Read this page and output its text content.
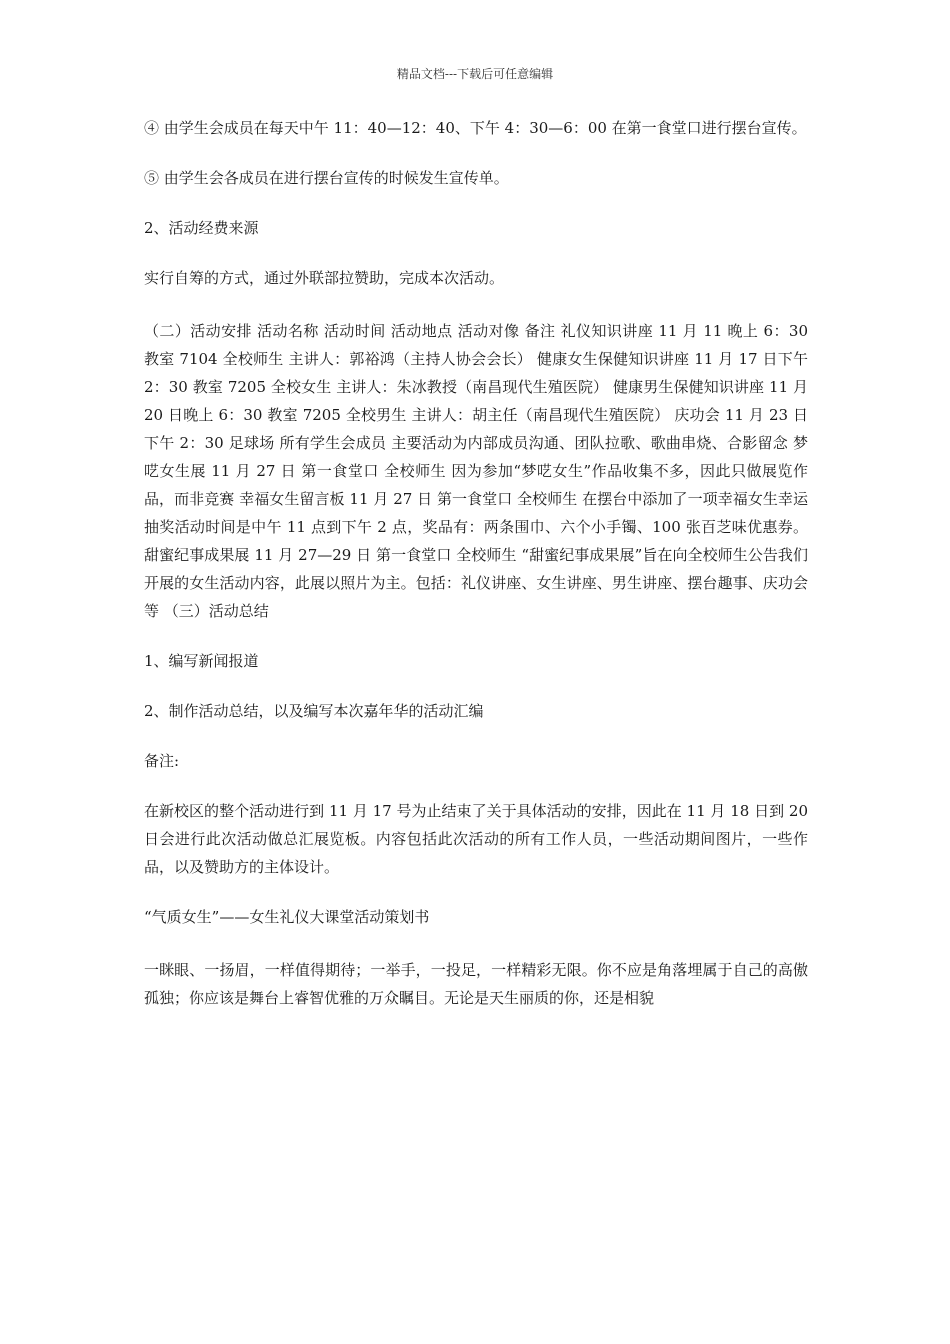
精品文档---下载后可任意编辑

④ 由学生会成员在每天中午 11：40—12：40、下午 4：30—6：00 在第一食堂口进行摆台宣传。

⑤ 由学生会各成员在进行摆台宣传的时候发生宣传单。

2、活动经费来源

实行自筹的方式，通过外联部拉赞助，完成本次活动。

（二）活动安排 活动名称 活动时间 活动地点 活动对像 备注 礼仪知识讲座 11 月 11 晚上 6：30 教室 7104 全校师生 主讲人：郭裕鸿（主持人协会会长） 健康女生保健知识讲座 11 月 17 日下午 2：30 教室 7205 全校女生 主讲人：朱冰教授（南昌现代生殖医院） 健康男生保健知识讲座 11 月 20 日晚上 6：30 教室 7205 全校男生 主讲人：胡主任（南昌现代生殖医院） 庆功会 11 月 23 日下午 2：30 足球场 所有学生会成员 主要活动为内部成员沟通、团队拉歌、歌曲串烧、合影留念 梦呓女生展 11 月 27 日 第一食堂口 全校师生 因为参加“梦呓女生”作品收集不多，因此只做展览作品，而非竞赛 幸福女生留言板 11 月 27 日 第一食堂口 全校师生 在摆台中添加了一项幸福女生幸运抽奖活动时间是中午 11 点到下午 2 点，奖品有：两条围巾、六个小手镯、100 张百芝味优惠券。 甜蜜纪事成果展 11 月 27—29 日 第一食堂口 全校师生 “甜蜜纪事成果展”旨在向全校师生公告我们开展的女生活动内容，此展以照片为主。包括：礼仪讲座、女生讲座、男生讲座、摆台趣事、庆功会等 （三）活动总结

1、编写新闻报道

2、制作活动总结，以及编写本次嘉年华的活动汇编

备注:

在新校区的整个活动进行到 11 月 17 号为止结束了关于具体活动的安排，因此在 11 月 18 日到 20 日会进行此次活动做总汇展览板。内容包括此次活动的所有工作人员，一些活动期间图片，一些作品，以及赞助方的主体设计。

“气质女生”——女生礼仪大课堂活动策划书

一眯眼、一扬眉，一样值得期待；一举手，一投足，一样精彩无限。你不应是角落埋属于自己的高傲孤独；你应该是舞台上睿智优雅的万众瞩目。无论是天生丽质的你，还是相貌
